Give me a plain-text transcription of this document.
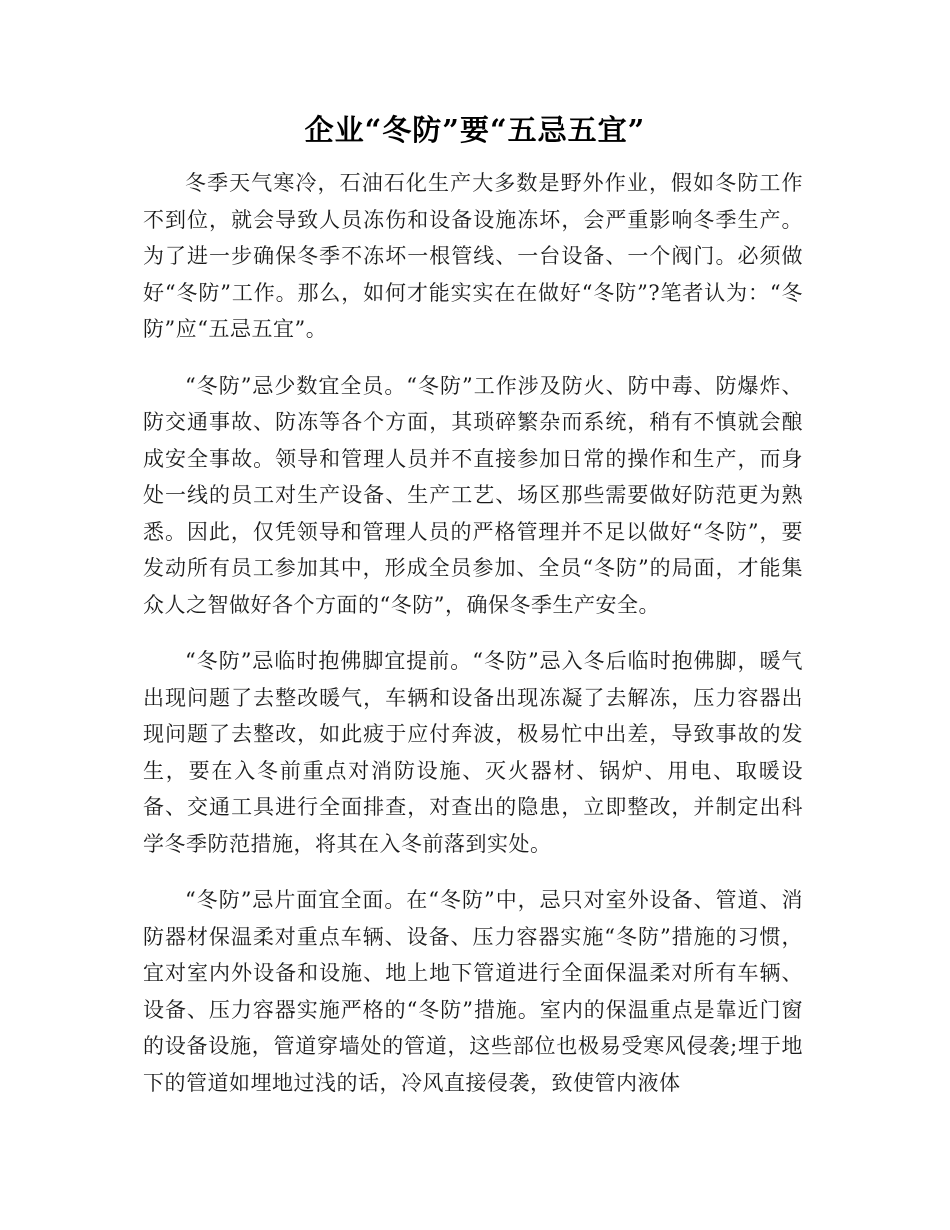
企业“冬防”要“五忌五宜”

冬季天气寒冷，石油石化生产大多数是野外作业，假如冬防工作不到位，就会导致人员冻伤和设备设施冻坏，会严重影响冬季生产。为了进一步确保冬季不冻坏一根管线、一台设备、一个阀门。必须做好“冬防”工作。那么，如何才能实实在在做好“冬防”?笔者认为：“冬防”应“五忌五宜”。

“冬防”忌少数宜全员。“冬防”工作涉及防火、防中毒、防爆炸、防交通事故、防冻等各个方面，其琐碎繁杂而系统，稍有不慎就会酿成安全事故。领导和管理人员并不直接参加日常的操作和生产，而身处一线的员工对生产设备、生产工艺、场区那些需要做好防范更为熟悉。因此，仅凭领导和管理人员的严格管理并不足以做好“冬防”，要发动所有员工参加其中，形成全员参加、全员“冬防”的局面，才能集众人之智做好各个方面的“冬防”，确保冬季生产安全。

“冬防”忌临时抱佛脚宜提前。“冬防”忌入冬后临时抱佛脚，暖气出现问题了去整改暖气，车辆和设备出现冻凝了去解冻，压力容器出现问题了去整改，如此疲于应付奔波，极易忙中出差，导致事故的发生，要在入冬前重点对消防设施、灭火器材、锅炉、用电、取暖设备、交通工具进行全面排查，对查出的隐患，立即整改，并制定出科学冬季防范措施，将其在入冬前落到实处。

“冬防”忌片面宜全面。在“冬防”中，忌只对室外设备、管道、消防器材保温柔对重点车辆、设备、压力容器实施“冬防”措施的习惯，宜对室内外设备和设施、地上地下管道进行全面保温柔对所有车辆、设备、压力容器实施严格的“冬防”措施。室内的保温重点是靠近门窗的设备设施，管道穿墙处的管道，这些部位也极易受寒风侵袭;埋于地下的管道如埋地过浅的话，冷风直接侵袭，致使管内液体
